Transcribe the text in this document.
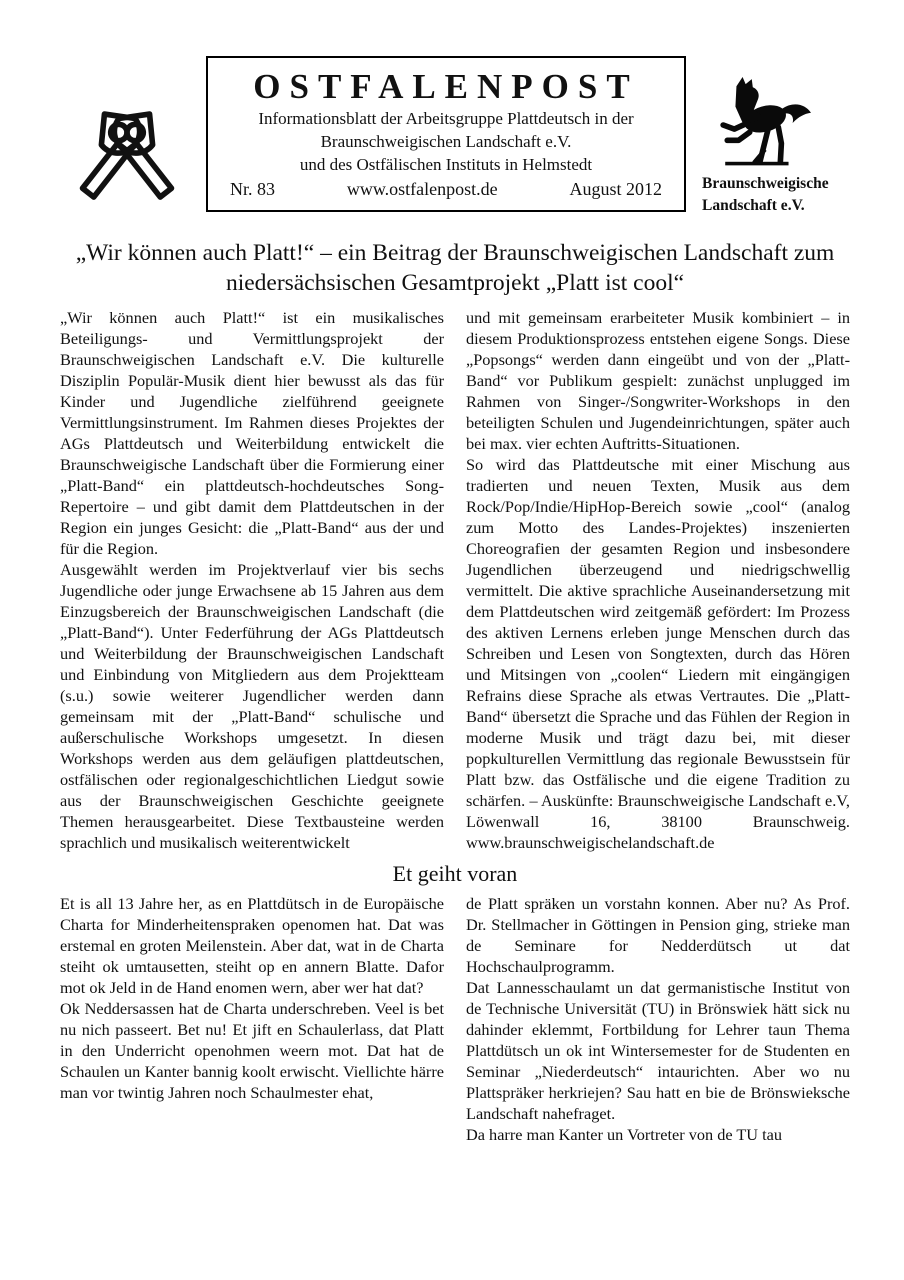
OSTFALENPOST
Informationsblatt der Arbeitsgruppe Plattdeutsch in der
Braunschweigischen Landschaft e.V.
und des Ostfälischen Instituts in Helmstedt
Nr. 83	www.ostfalenpost.de	August 2012	Braunschweigische
Landschaft e.V.
„Wir können auch Platt!“ – ein Beitrag der Braunschweigischen Landschaft zum niedersächsischen Gesamtprojekt „Platt ist cool“

„Wir können auch Platt!“ ist ein musikalisches Beteiligungs- und Vermittlungsprojekt der Braunschweigischen Landschaft e.V. Die kulturelle Disziplin Populär-Musik dient hier bewusst als das für Kinder und Jugendliche zielführend geeignete Vermittlungsinstrument. Im Rahmen dieses Projektes der AGs Plattdeutsch und Weiterbildung entwickelt die Braunschweigische Landschaft über die Formierung einer „Platt-Band“ ein plattdeutsch-hochdeutsches Song-Repertoire – und gibt damit dem Plattdeutschen in der Region ein junges Gesicht: die „Platt-Band“ aus der und für die Region.

Ausgewählt werden im Projektverlauf vier bis sechs Jugendliche oder junge Erwachsene ab 15 Jahren aus dem Einzugsbereich der Braunschweigischen Landschaft (die „Platt-Band“). Unter Federführung der AGs Plattdeutsch und Weiterbildung der Braunschweigischen Landschaft und Einbindung von Mitgliedern aus dem Projektteam (s.u.) sowie weiterer Jugendlicher werden dann gemeinsam mit der „Platt-Band“ schulische und außerschulische Workshops umgesetzt. In diesen Workshops werden aus dem geläufigen plattdeutschen, ostfälischen oder regionalgeschichtlichen Liedgut sowie aus der Braunschweigischen Geschichte geeignete Themen herausgearbeitet. Diese Textbausteine werden sprachlich und musikalisch weiterentwickelt

und mit gemeinsam erarbeiteter Musik kombiniert – in diesem Produktionsprozess entstehen eigene Songs. Diese „Popsongs“ werden dann eingeübt und von der „Platt-Band“ vor Publikum gespielt: zunächst unplugged im Rahmen von Singer-/Songwriter-Workshops in den beteiligten Schulen und Jugendeinrichtungen, später auch bei max. vier echten Auftritts-Situationen.

So wird das Plattdeutsche mit einer Mischung aus tradierten und neuen Texten, Musik aus dem Rock/Pop/Indie/HipHop-Bereich sowie „cool“ (analog zum Motto des Landes-Projektes) inszenierten Choreografien der gesamten Region und insbesondere Jugendlichen überzeugend und niedrigschwellig vermittelt. Die aktive sprachliche Auseinandersetzung mit dem Plattdeutschen wird zeitgemäß gefördert: Im Prozess des aktiven Lernens erleben junge Menschen durch das Schreiben und Lesen von Songtexten, durch das Hören und Mitsingen von „coolen“ Liedern mit eingängigen Refrains diese Sprache als etwas Vertrautes. Die „Platt-Band“ übersetzt die Sprache und das Fühlen der Region in moderne Musik und trägt dazu bei, mit dieser popkulturellen Vermittlung das regionale Bewusstsein für Platt bzw. das Ostfälische und die eigene Tradition zu schärfen. – Auskünfte: Braunschweigische Landschaft e.V, Löwenwall 16, 38100 Braunschweig. www.braunschweigischelandschaft.de

Et geiht voran

Et is all 13 Jahre her, as en Plattdütsch in de Europäische Charta for Minderheitenspraken openomen hat. Dat was erstemal en groten Meilenstein. Aber dat, wat in de Charta steiht ok umtausetten, steiht op en annern Blatte. Dafor mot ok Jeld in de Hand enomen wern, aber wer hat dat?

Ok Neddersassen hat de Charta underschreben. Veel is bet nu nich passeert. Bet nu! Et jift en Schaulerlass, dat Platt in den Underricht openohmen weern mot. Dat hat de Schaulen un Kanter bannig koolt erwischt. Viellichte härre man vor twintig Jahren noch Schaulmester ehat,

de Platt spräken un vorstahn konnen. Aber nu? As Prof. Dr. Stellmacher in Göttingen in Pension ging, strieke man de Seminare for Nedderdütsch ut dat Hochschaulprogramm.

Dat Lannesschaulamt un dat germanistische Institut von de Technische Universität (TU) in Brönswiek hätt sick nu dahinder eklemmt, Fortbildung for Lehrer taun Thema Plattdütsch un ok int Wintersemester for de Studenten en Seminar „Niederdeutsch“ intaurichten. Aber wo nu Plattspräker herkriejen? Sau hatt en bie de Brönswieksche Landschaft nahefraget.

Da harre man Kanter un Vortreter von de TU tau
